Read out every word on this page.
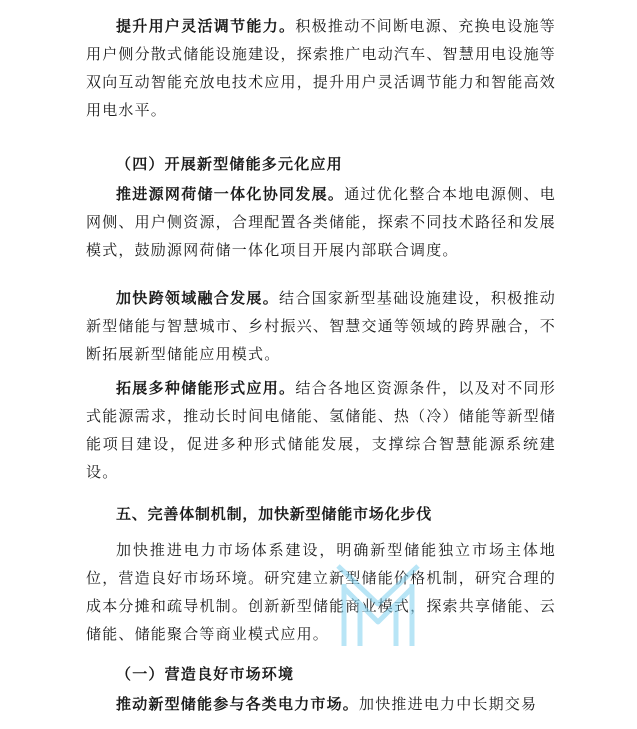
提升用户灵活调节能力。积极推动不间断电源、充换电设施等用户侧分散式储能设施建设，探索推广电动汽车、智慧用电设施等双向互动智能充放电技术应用，提升用户灵活调节能力和智能高效用电水平。

（四）开展新型储能多元化应用

推进源网荷储一体化协同发展。通过优化整合本地电源侧、电网侧、用户侧资源，合理配置各类储能，探索不同技术路径和发展模式，鼓励源网荷储一体化项目开展内部联合调度。

加快跨领域融合发展。结合国家新型基础设施建设，积极推动新型储能与智慧城市、乡村振兴、智慧交通等领域的跨界融合，不断拓展新型储能应用模式。

拓展多种储能形式应用。结合各地区资源条件，以及对不同形式能源需求，推动长时间电储能、氢储能、热（冷）储能等新型储能项目建设，促进多种形式储能发展，支撑综合智慧能源系统建设。

五、完善体制机制，加快新型储能市场化步伐

加快推进电力市场体系建设，明确新型储能独立市场主体地位，营造良好市场环境。研究建立新型储能价格机制，研究合理的成本分摊和疏导机制。创新新型储能商业模式，探索共享储能、云储能、储能聚合等商业模式应用。

（一）营造良好市场环境

推动新型储能参与各类电力市场。加快推进电力中长期交易
